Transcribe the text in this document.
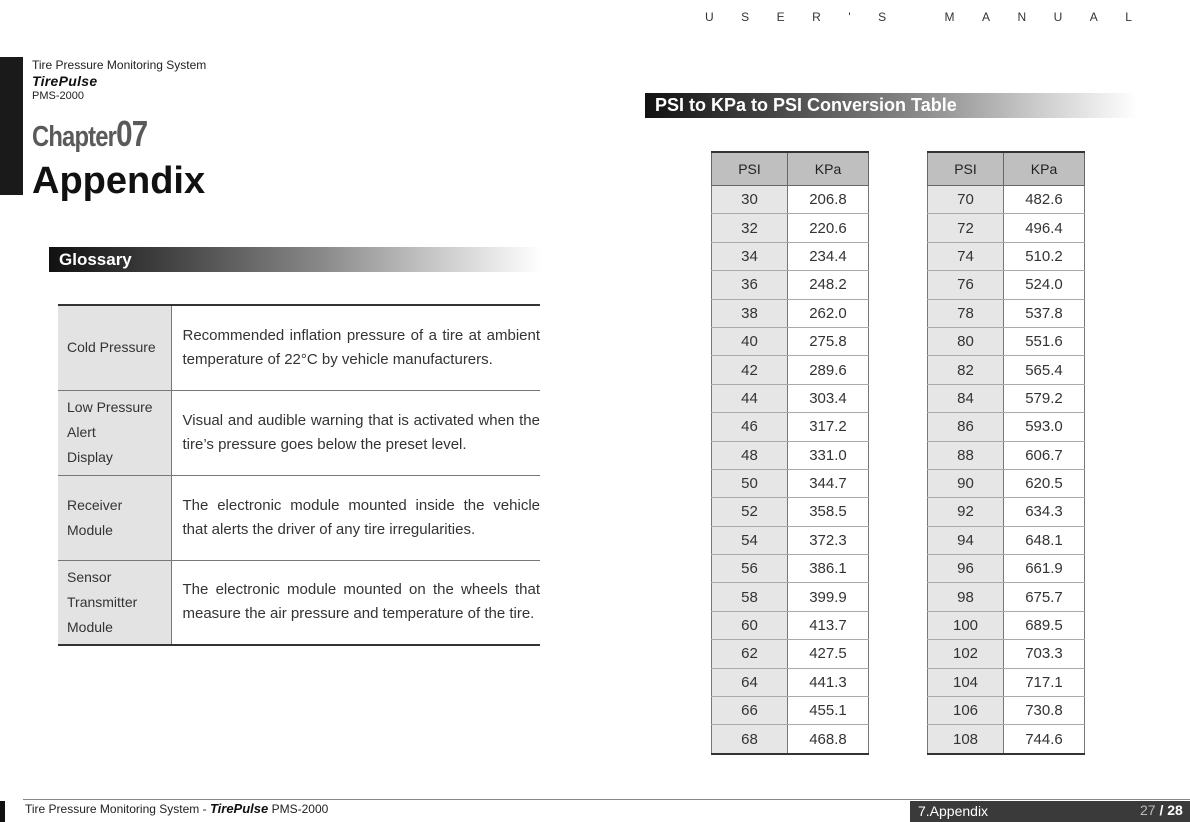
USER'S MANUAL
Tire Pressure Monitoring System
TirePulse
PMS-2000
Chapter07
Appendix
Glossary
Cold Pressure	Recommended inflation pressure of a tire at ambient temperature of 22°C by vehicle manufacturers.

Low Pressure
Alert
Display	Visual and audible warning that is activated when the tire’s pressure goes below the preset level.

Receiver
Module	The electronic module mounted inside the vehicle that alerts the driver of any tire irregularities.

Sensor
Transmitter
Module	The electronic module mounted on the wheels that measure the air pressure and temperature of the tire.
PSI to KPa to PSI Conversion Table
PSI	KPa
30	206.8
32	220.6
34	234.4
36	248.2
38	262.0
40	275.8
42	289.6
44	303.4
46	317.2
48	331.0
50	344.7
52	358.5
54	372.3
56	386.1
58	399.9
60	413.7
62	427.5
64	441.3
66	455.1
68	468.8
PSI	KPa
70	482.6
72	496.4
74	510.2
76	524.0
78	537.8
80	551.6
82	565.4
84	579.2
86	593.0
88	606.7
90	620.5
92	634.3
94	648.1
96	661.9
98	675.7
100	689.5
102	703.3
104	717.1
106	730.8
108	744.6
Tire Pressure Monitoring System - TirePulse PMS-2000	7.Appendix	27 / 28
